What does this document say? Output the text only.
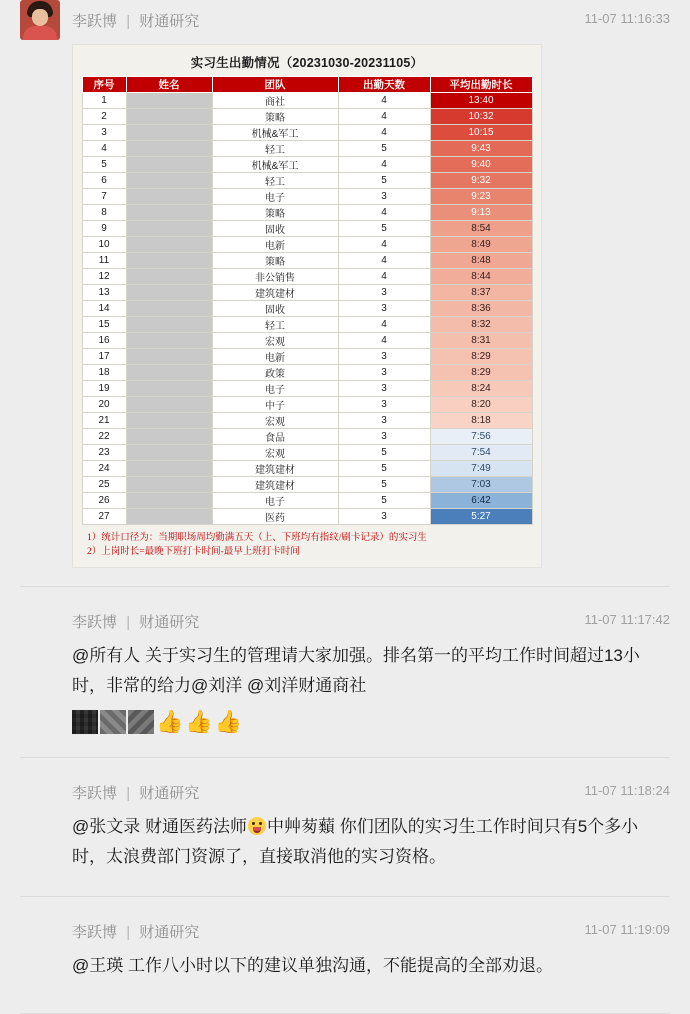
李跃博 | 财通研究	11-07 11:16:33
实习生出勤情况（20231030-20231105）
序号	姓名	团队	出勤天数	平均出勤时长
1		商社	4	13:40
2		策略	4	10:32
3		机械&军工	4	10:15
4		轻工	5	9:43
5		机械&军工	4	9:40
6		轻工	5	9:32
7		电子	3	9:23
8		策略	4	9:13
9		固收	5	8:54
10		电新	4	8:49
11		策略	4	8:48
12		非公销售	4	8:44
13		建筑建材	3	8:37
14		固收	3	8:36
15		轻工	4	8:32
16		宏观	4	8:31
17		电新	3	8:29
18		政策	3	8:29
19		电子	3	8:24
20		中子	3	8:20
21		宏观	3	8:18
22		食品	3	7:56
23		宏观	5	7:54
24		建筑建材	5	7:49
25		建筑建材	5	7:03
26		电子	5	6:42
27		医药	3	5:27
1）统计口径为：当期职场周均勤满五天（上、下班均有指纹/刷卡记录）的实习生
2）上岗时长=最晚下班打卡时间-最早上班打卡时间
李跃博 | 财通研究	11-07 11:17:42
@所有人 关于实习生的管理请大家加强。排名第一的平均工作时间超过13小时，非常的给力@刘洋 @刘洋财通商社
👍 👍 👍
李跃博 | 财通研究	11-07 11:18:24
@张文录 财通医药法师 中艸茐蘱 你们团队的实习生工作时间只有5个多小时，太浪费部门资源了，直接取消他的实习资格。
李跃博 | 财通研究	11-07 11:19:09
@王瑛 工作八小时以下的建议单独沟通，不能提高的全部劝退。
